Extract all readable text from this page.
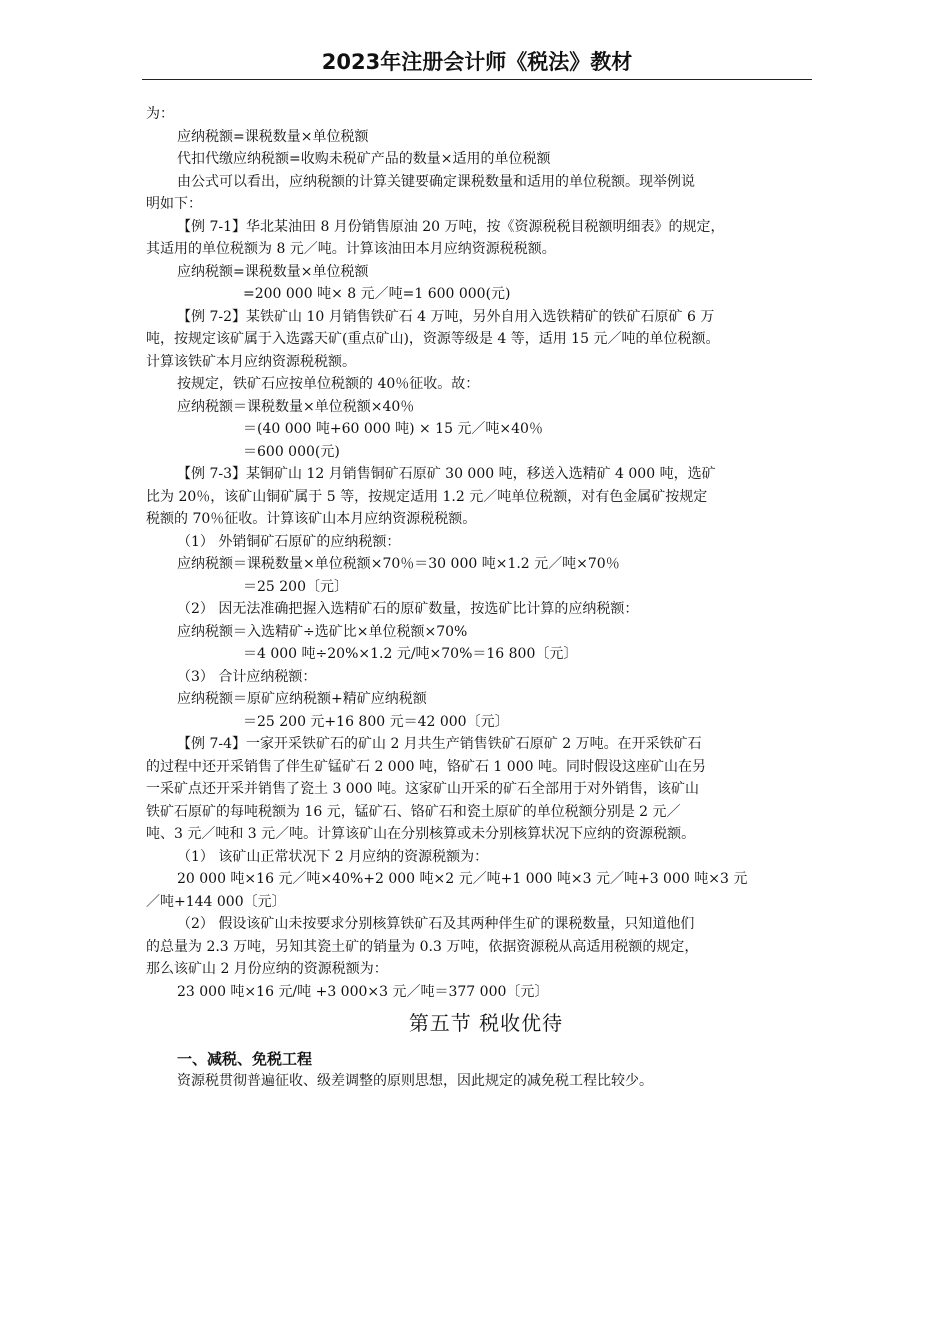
2023年注册会计师《税法》教材
为：
应纳税额=课税数量×单位税额
代扣代缴应纳税额=收购未税矿产品的数量×适用的单位税额
由公式可以看出，应纳税额的计算关键要确定课税数量和适用的单位税额。现举例说
明如下：
【例 7-1】华北某油田 8 月份销售原油 20 万吨，按《资源税税目税额明细表》的规定，
其适用的单位税额为 8 元／吨。计算该油田本月应纳资源税税额。
应纳税额=课税数量×单位税额
=200 000 吨× 8 元／吨=1 600 000(元)
【例 7-2】某铁矿山 10 月销售铁矿石 4 万吨，另外自用入选铁精矿的铁矿石原矿 6 万
吨，按规定该矿属于入选露天矿(重点矿山)，资源等级是 4 等，适用 15 元／吨的单位税额。
计算该铁矿本月应纳资源税税额。
按规定，铁矿石应按单位税额的 40％征收。故：
应纳税额＝课税数量×单位税额×40％
＝(40 000 吨+60 000 吨) × 15 元／吨×40％
＝600 000(元)
【例 7-3】某铜矿山 12 月销售铜矿石原矿 30 000 吨，移送入选精矿 4 000 吨，选矿
比为 20％，该矿山铜矿属于 5 等，按规定适用 1.2 元／吨单位税额，对有色金属矿按规定
税额的 70％征收。计算该矿山本月应纳资源税税额。
（1） 外销铜矿石原矿的应纳税额：
应纳税额＝课税数量×单位税额×70％＝30 000 吨×1.2 元／吨×70％
＝25 200〔元〕
（2） 因无法准确把握入选精矿石的原矿数量，按选矿比计算的应纳税额：
应纳税额＝入选精矿÷选矿比×单位税额×70%
＝4 000 吨÷20%×1.2 元/吨×70%＝16 800〔元〕
（3） 合计应纳税额：
应纳税额＝原矿应纳税额+精矿应纳税额
＝25 200 元+16 800 元＝42 000〔元〕
【例 7-4】一家开采铁矿石的矿山 2 月共生产销售铁矿石原矿 2 万吨。在开采铁矿石
的过程中还开采销售了伴生矿锰矿石 2 000 吨，铬矿石 1 000 吨。同时假设这座矿山在另
一采矿点还开采并销售了瓷土 3 000 吨。这家矿山开采的矿石全部用于对外销售，该矿山
铁矿石原矿的每吨税额为 16 元，锰矿石、铬矿石和瓷土原矿的单位税额分别是 2 元／
吨、3 元／吨和 3 元／吨。计算该矿山在分别核算或未分别核算状况下应纳的资源税额。
（1） 该矿山正常状况下 2 月应纳的资源税额为：
20 000 吨×16 元／吨×40%+2 000 吨×2 元／吨+1 000 吨×3 元／吨+3 000 吨×3 元
／吨+144 000〔元〕
（2） 假设该矿山未按要求分别核算铁矿石及其两种伴生矿的课税数量，只知道他们
的总量为 2.3 万吨，另知其瓷土矿的销量为 0.3 万吨，依据资源税从高适用税额的规定，
那么该矿山 2 月份应纳的资源税额为：
23 000 吨×16 元/吨 +3 000×3 元／吨＝377 000〔元〕
第五节 税收优待
一、减税、免税工程
资源税贯彻普遍征收、级差调整的原则思想，因此规定的减免税工程比较少。
